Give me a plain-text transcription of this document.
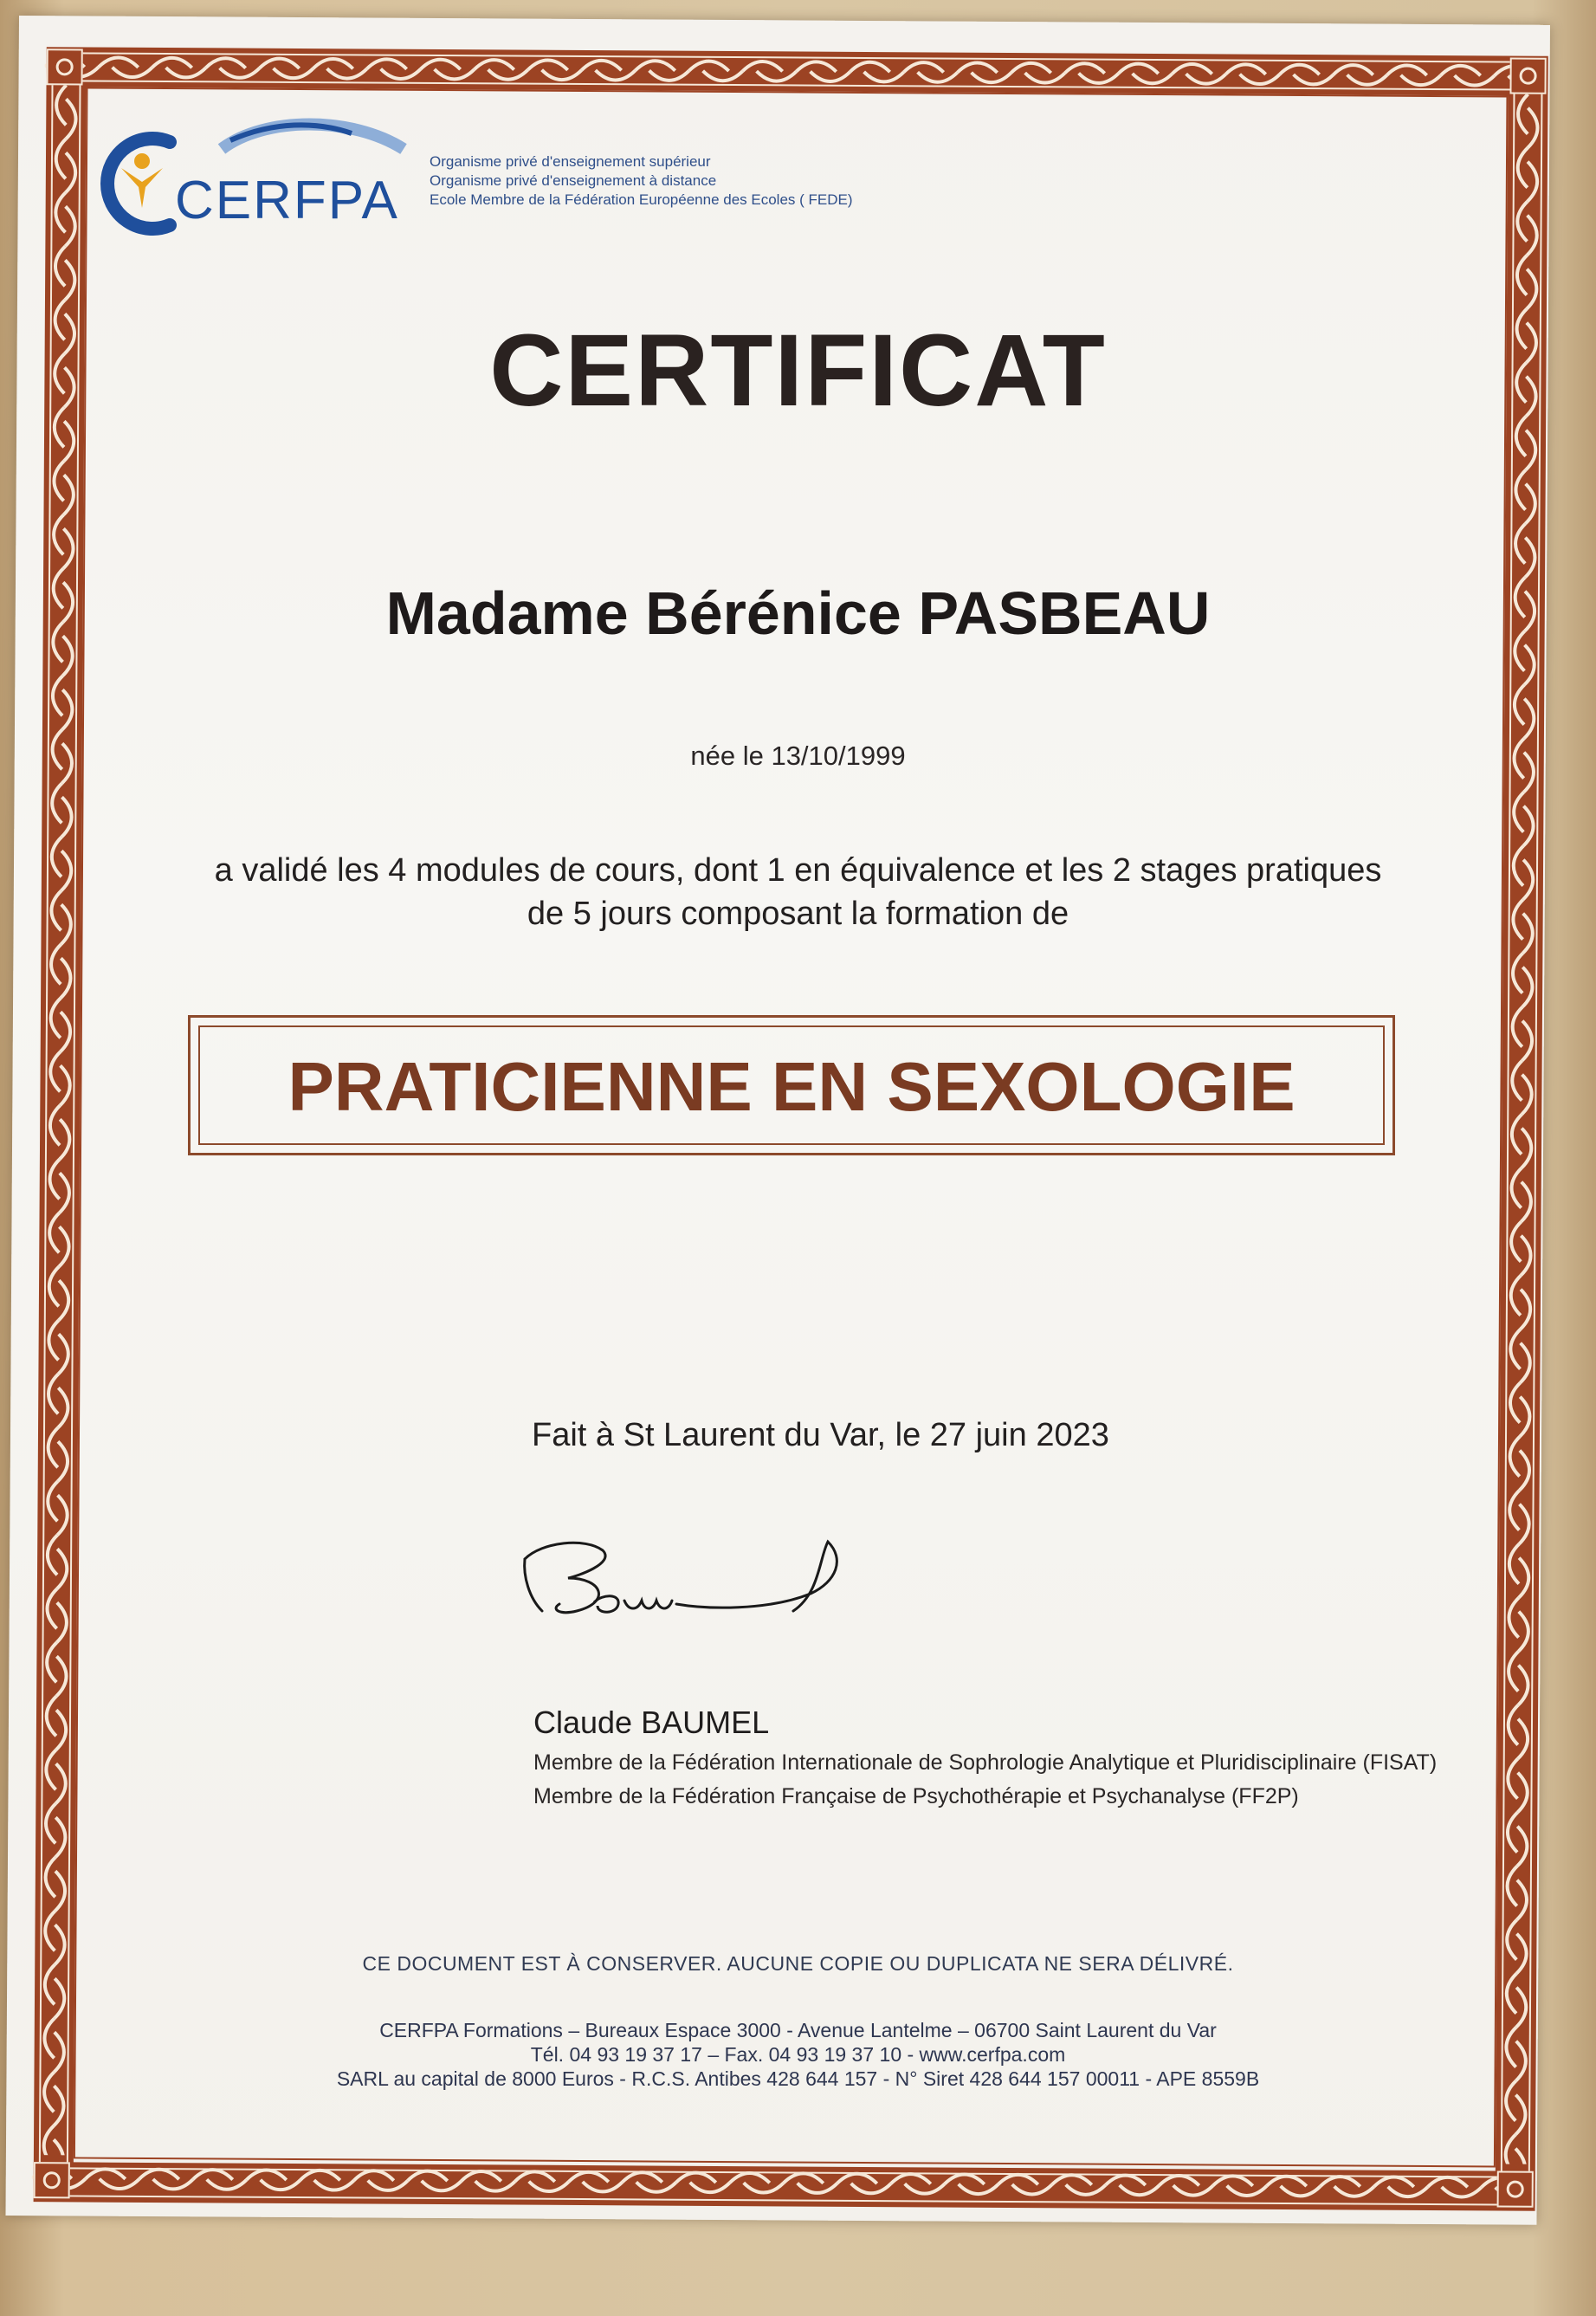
CERFPA
Organisme privé d'enseignement supérieur
Organisme privé d'enseignement à distance
Ecole Membre de la Fédération Européenne des Ecoles ( FEDE)
CERTIFICAT
Madame Bérénice PASBEAU
née le 13/10/1999
a validé les 4 modules de cours, dont 1 en équivalence et les 2 stages pratiques
de 5 jours composant la formation de
PRATICIENNE EN SEXOLOGIE
Fait à St Laurent du Var, le 27 juin 2023
Claude BAUMEL
Membre de la Fédération Internationale de Sophrologie Analytique et Pluridisciplinaire (FISAT)
Membre de la Fédération Française de Psychothérapie et Psychanalyse (FF2P)
CE DOCUMENT EST À CONSERVER. AUCUNE COPIE OU DUPLICATA NE SERA DÉLIVRÉ.
CERFPA Formations – Bureaux Espace 3000 - Avenue Lantelme – 06700 Saint Laurent du Var
Tél. 04 93 19 37 17 – Fax. 04 93 19 37 10 - www.cerfpa.com
SARL au capital de 8000 Euros - R.C.S. Antibes 428 644 157 - N° Siret 428 644 157 00011 - APE 8559B
